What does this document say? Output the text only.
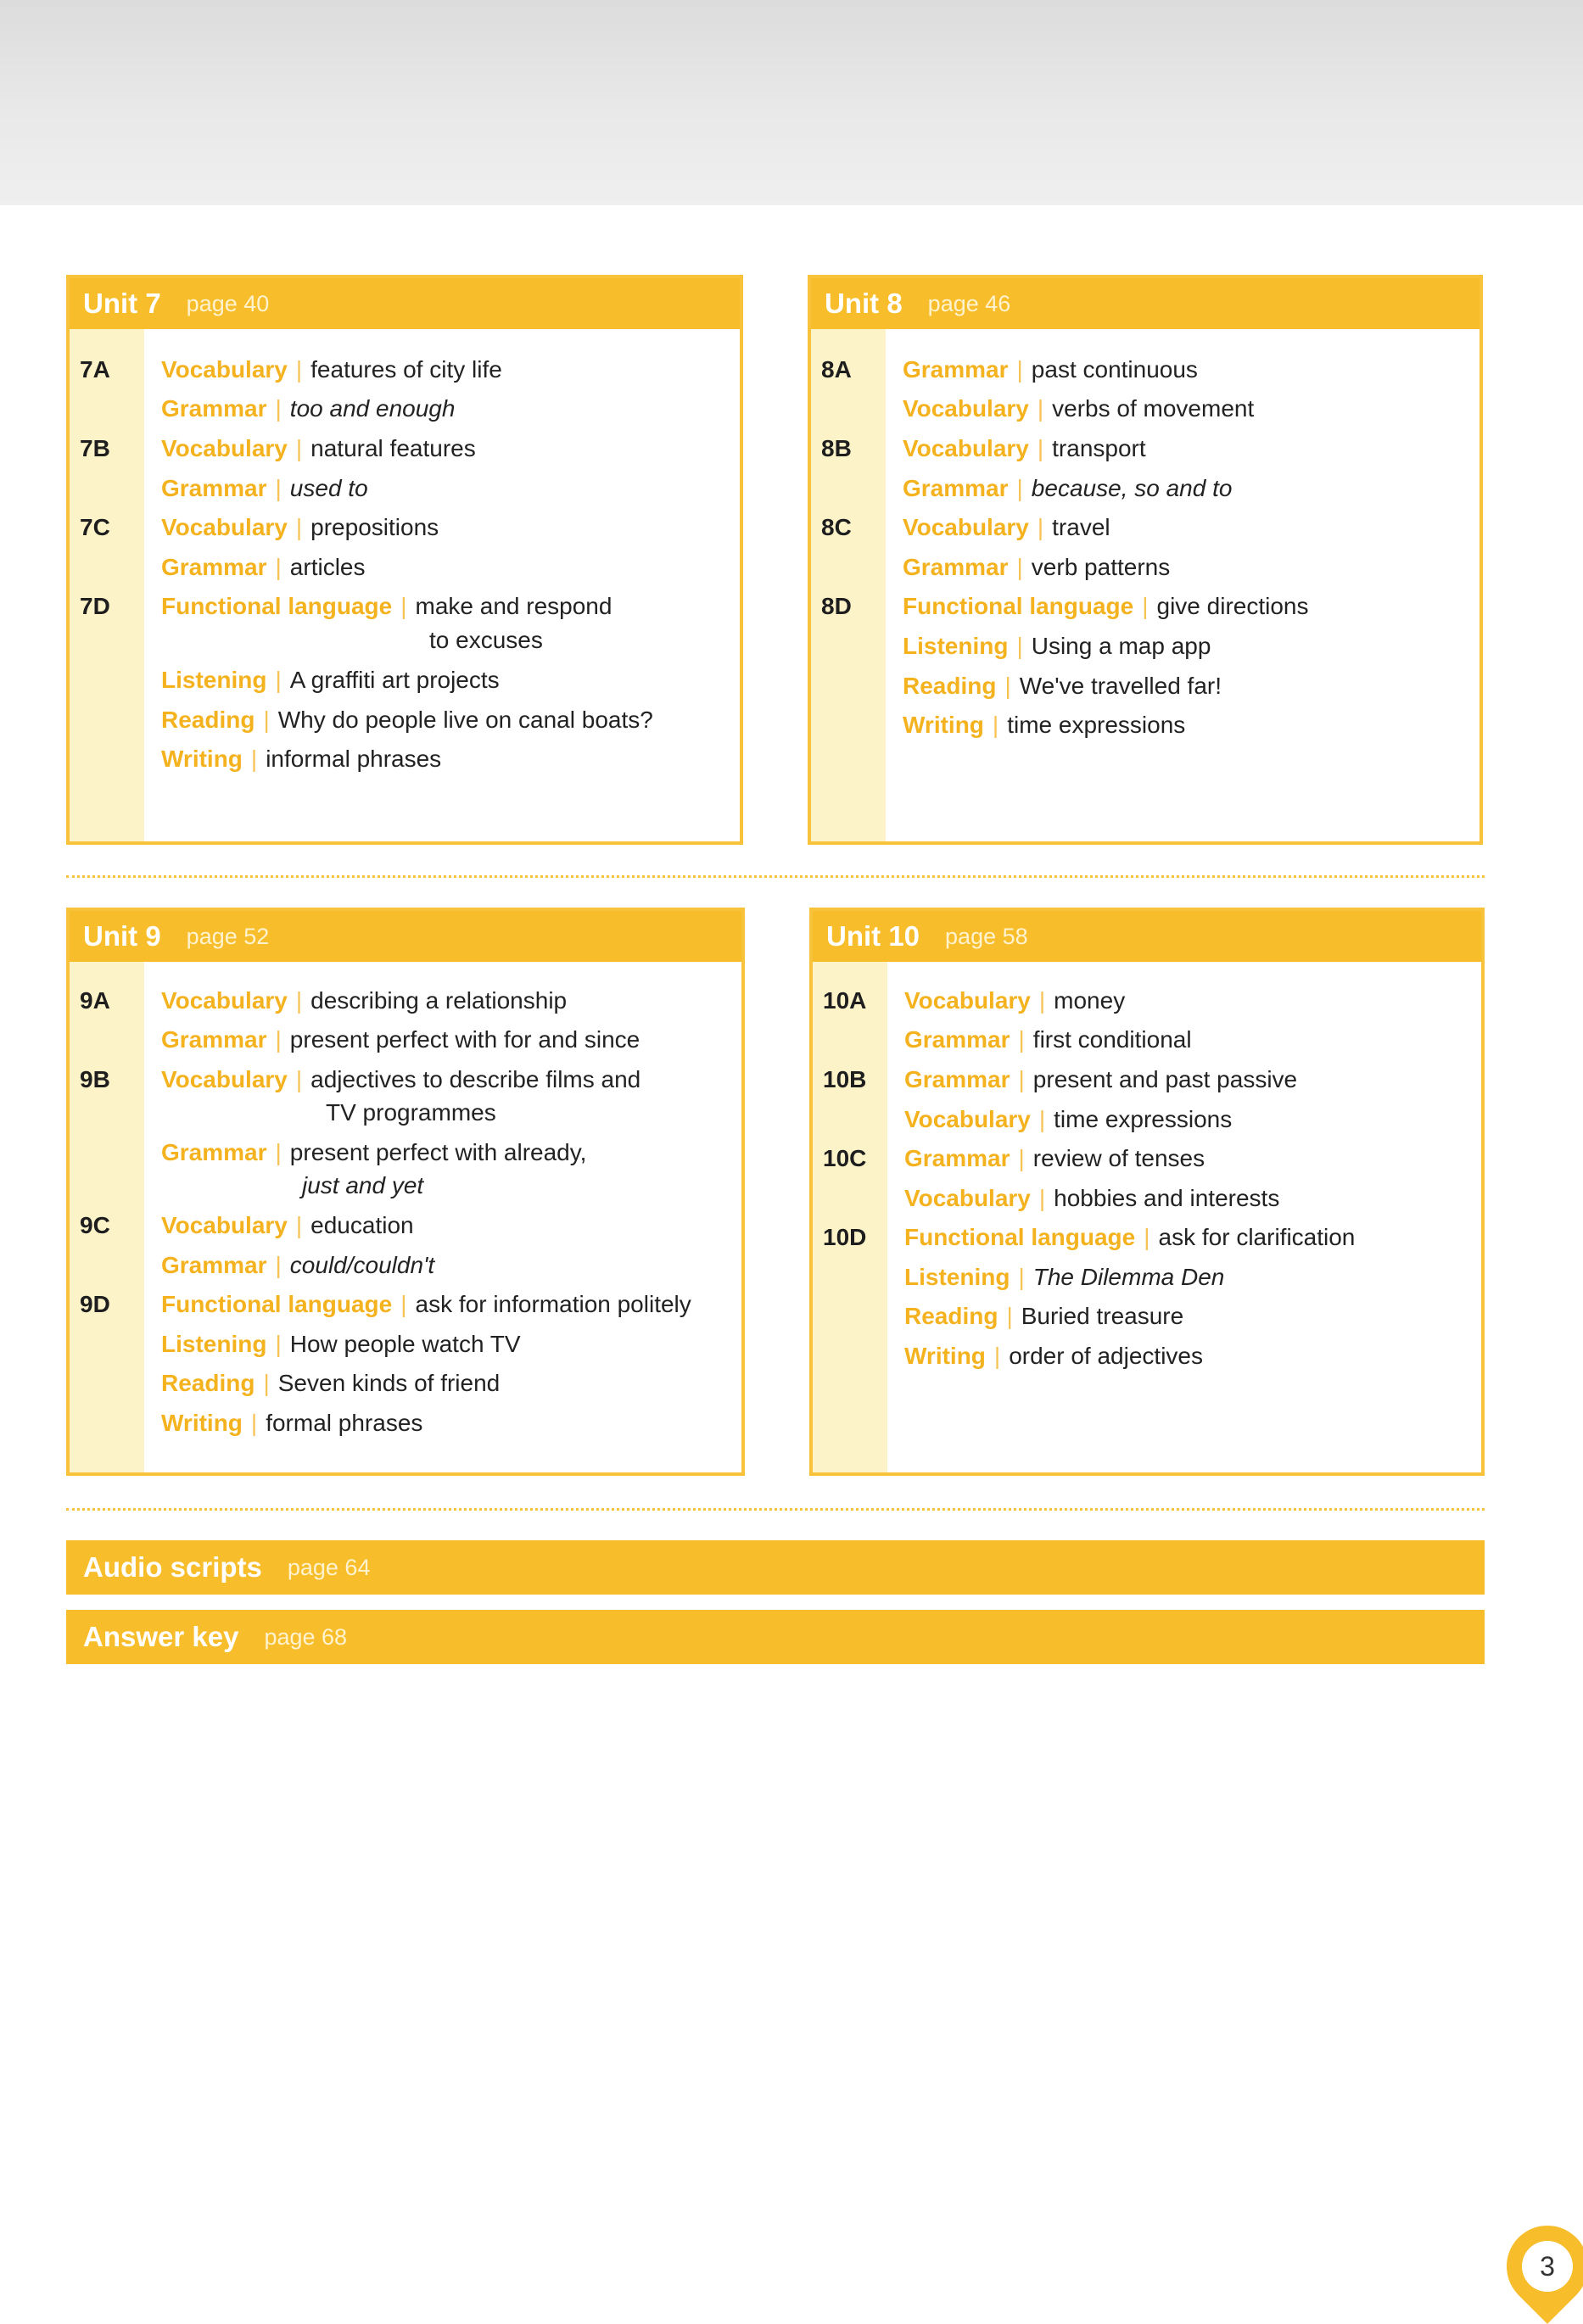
Unit 7 page 40
7A Vocabulary | features of city life
Grammar | too and enough
7B Vocabulary | natural features
Grammar | used to
7C Vocabulary | prepositions
Grammar | articles
7D Functional language | make and respond
to excuses
Listening | A graffiti art projects
Reading | Why do people live on canal boats?
Writing | informal phrases
Unit 8 page 46
8A Grammar | past continuous
Vocabulary | verbs of movement
8B Vocabulary | transport
Grammar | because, so and to
8C Vocabulary | travel
Grammar | verb patterns
8D Functional language | give directions
Listening | Using a map app
Reading | We've travelled far!
Writing | time expressions
Unit 9 page 52
9A Vocabulary | describing a relationship
Grammar | present perfect with for and since
9B Vocabulary | adjectives to describe films and
TV programmes
Grammar | present perfect with already,
just and yet
9C Vocabulary | education
Grammar | could/couldn't
9D Functional language | ask for information politely
Listening | How people watch TV
Reading | Seven kinds of friend
Writing | formal phrases
Unit 10 page 58
10A Vocabulary | money
Grammar | first conditional
10B Grammar | present and past passive
Vocabulary | time expressions
10C Grammar | review of tenses
Vocabulary | hobbies and interests
10D Functional language | ask for clarification
Listening | The Dilemma Den
Reading | Buried treasure
Writing | order of adjectives
Audio scripts page 64
Answer key page 68
3
